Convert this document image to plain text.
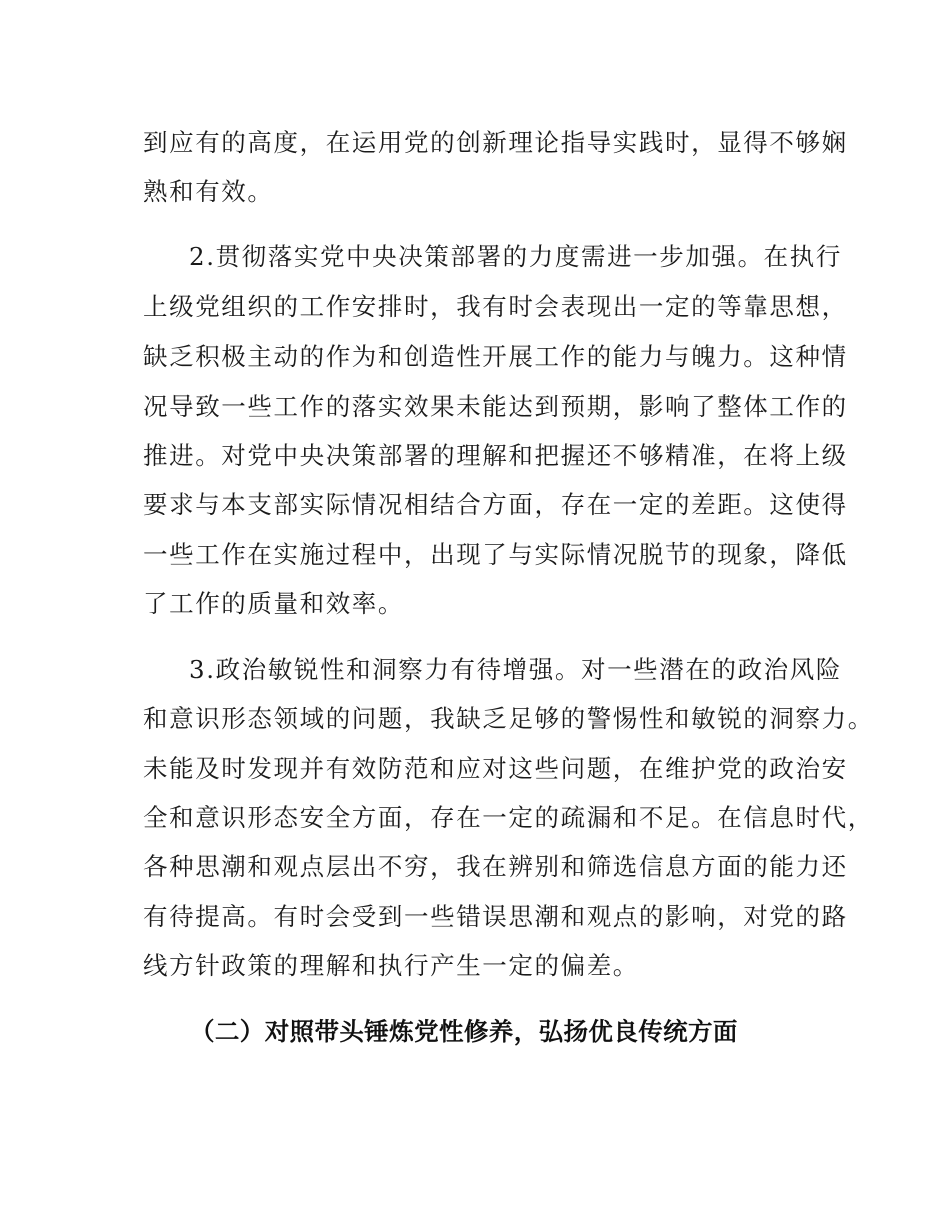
到应有的高度，在运用党的创新理论指导实践时，显得不够娴
熟和有效。
2.贯彻落实党中央决策部署的力度需进一步加强。在执行
上级党组织的工作安排时，我有时会表现出一定的等靠思想，
缺乏积极主动的作为和创造性开展工作的能力与魄力。这种情
况导致一些工作的落实效果未能达到预期，影响了整体工作的
推进。对党中央决策部署的理解和把握还不够精准，在将上级
要求与本支部实际情况相结合方面，存在一定的差距。这使得
一些工作在实施过程中，出现了与实际情况脱节的现象，降低
了工作的质量和效率。
3.政治敏锐性和洞察力有待增强。对一些潜在的政治风险
和意识形态领域的问题，我缺乏足够的警惕性和敏锐的洞察力。
未能及时发现并有效防范和应对这些问题，在维护党的政治安
全和意识形态安全方面，存在一定的疏漏和不足。在信息时代，
各种思潮和观点层出不穷，我在辨别和筛选信息方面的能力还
有待提高。有时会受到一些错误思潮和观点的影响，对党的路
线方针政策的理解和执行产生一定的偏差。
（二）对照带头锤炼党性修养，弘扬优良传统方面
